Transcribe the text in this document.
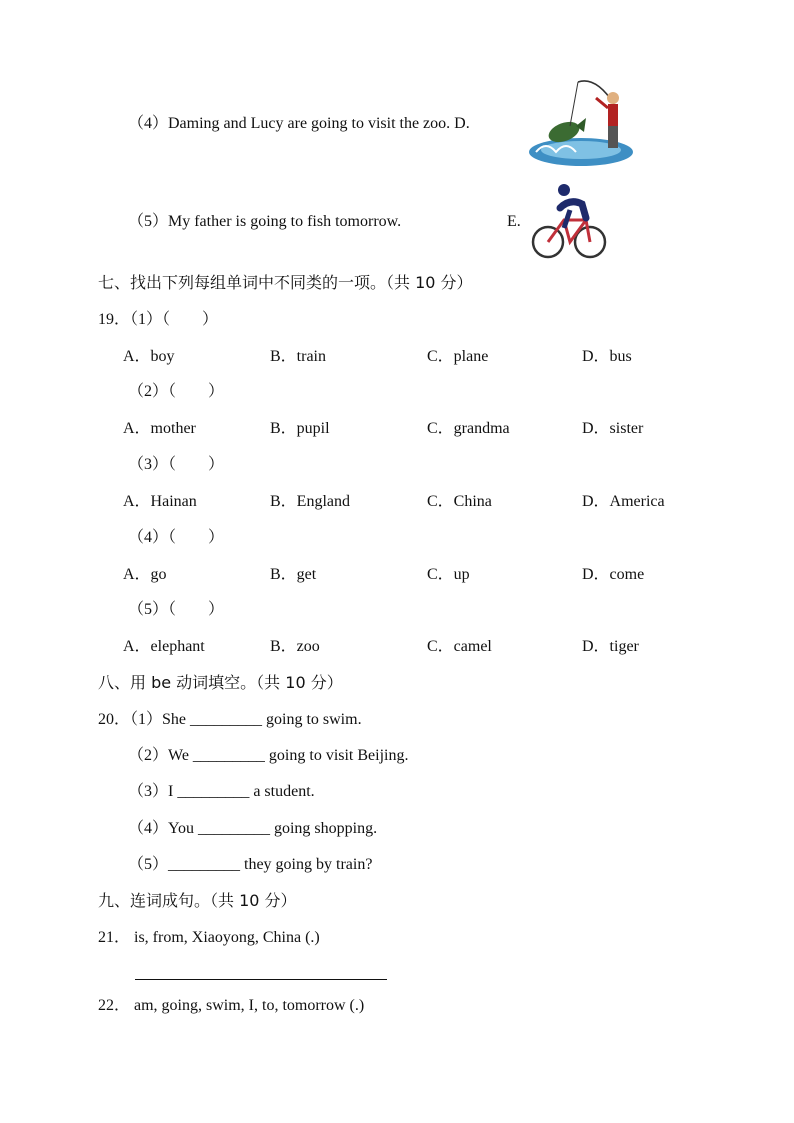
（4）Daming and Lucy are going to visit the zoo. D.
（5）My father is going to fish tomorrow.	E.
七、找出下列每组单词中不同类的一项。（共 10 分）
19．（1）（　　）
A．boy	B．train	C．plane	D．bus
（2）（　　）
A．mother	B．pupil	C．grandma	D．sister
（3）（　　）
A．Hainan	B．England	C．China	D．America
（4）（　　）
A．go	B．get	C．up	D．come
（5）（　　）
A．elephant	B．zoo	C．camel	D．tiger
八、用 be 动词填空。（共 10 分）
20．（1）She _________ going to swim.
（2）We _________ going to visit Beijing.
（3）I _________ a student.
（4）You _________ going shopping.
（5）_________ they going by train?
九、连词成句。（共 10 分）
21． is, from, Xiaoyong, China (.)
22． am, going, swim, I, to, tomorrow (.)
